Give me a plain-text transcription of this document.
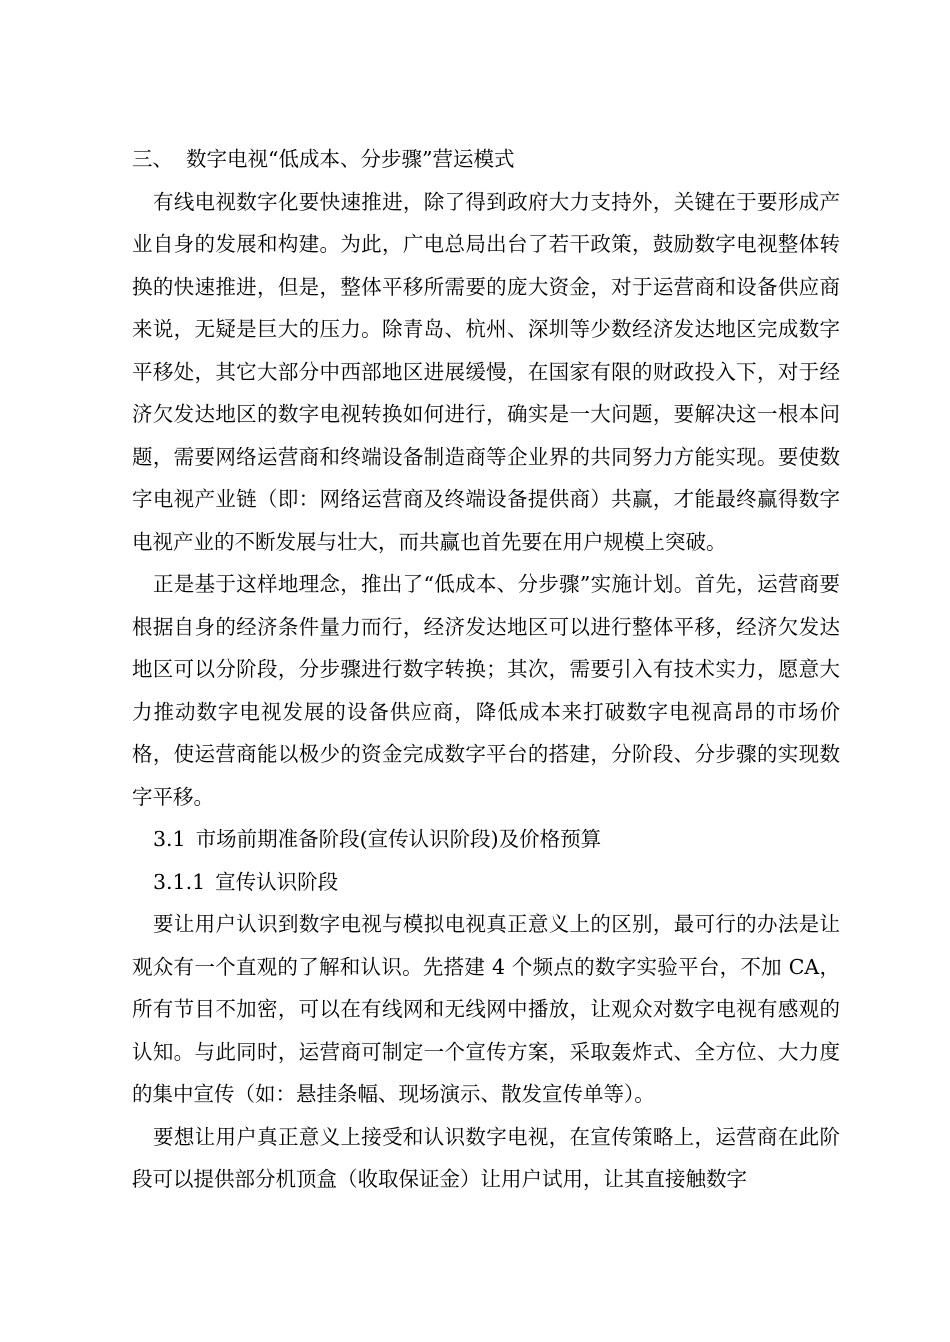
三、 数字电视“低成本、分步骤”营运模式

有线电视数字化要快速推进，除了得到政府大力支持外，关键在于要形成产业自身的发展和构建。为此，广电总局出台了若干政策，鼓励数字电视整体转换的快速推进，但是，整体平移所需要的庞大资金，对于运营商和设备供应商来说，无疑是巨大的压力。除青岛、杭州、深圳等少数经济发达地区完成数字平移处，其它大部分中西部地区进展缓慢，在国家有限的财政投入下，对于经济欠发达地区的数字电视转换如何进行，确实是一大问题，要解决这一根本问题，需要网络运营商和终端设备制造商等企业界的共同努力方能实现。要使数字电视产业链（即：网络运营商及终端设备提供商）共赢，才能最终赢得数字电视产业的不断发展与壮大，而共赢也首先要在用户规模上突破。

正是基于这样地理念，推出了“低成本、分步骤”实施计划。首先，运营商要根据自身的经济条件量力而行，经济发达地区可以进行整体平移，经济欠发达地区可以分阶段，分步骤进行数字转换；其次，需要引入有技术实力，愿意大力推动数字电视发展的设备供应商，降低成本来打破数字电视高昂的市场价格，使运营商能以极少的资金完成数字平台的搭建，分阶段、分步骤的实现数字平移。

3.1 市场前期准备阶段(宣传认识阶段)及价格预算

3.1.1 宣传认识阶段

要让用户认识到数字电视与模拟电视真正意义上的区别，最可行的办法是让观众有一个直观的了解和认识。先搭建 4 个频点的数字实验平台，不加 CA，所有节目不加密，可以在有线网和无线网中播放，让观众对数字电视有感观的认知。与此同时，运营商可制定一个宣传方案，采取轰炸式、全方位、大力度的集中宣传（如：悬挂条幅、现场演示、散发宣传单等）。

要想让用户真正意义上接受和认识数字电视，在宣传策略上，运营商在此阶段可以提供部分机顶盒（收取保证金）让用户试用，让其直接触数字
